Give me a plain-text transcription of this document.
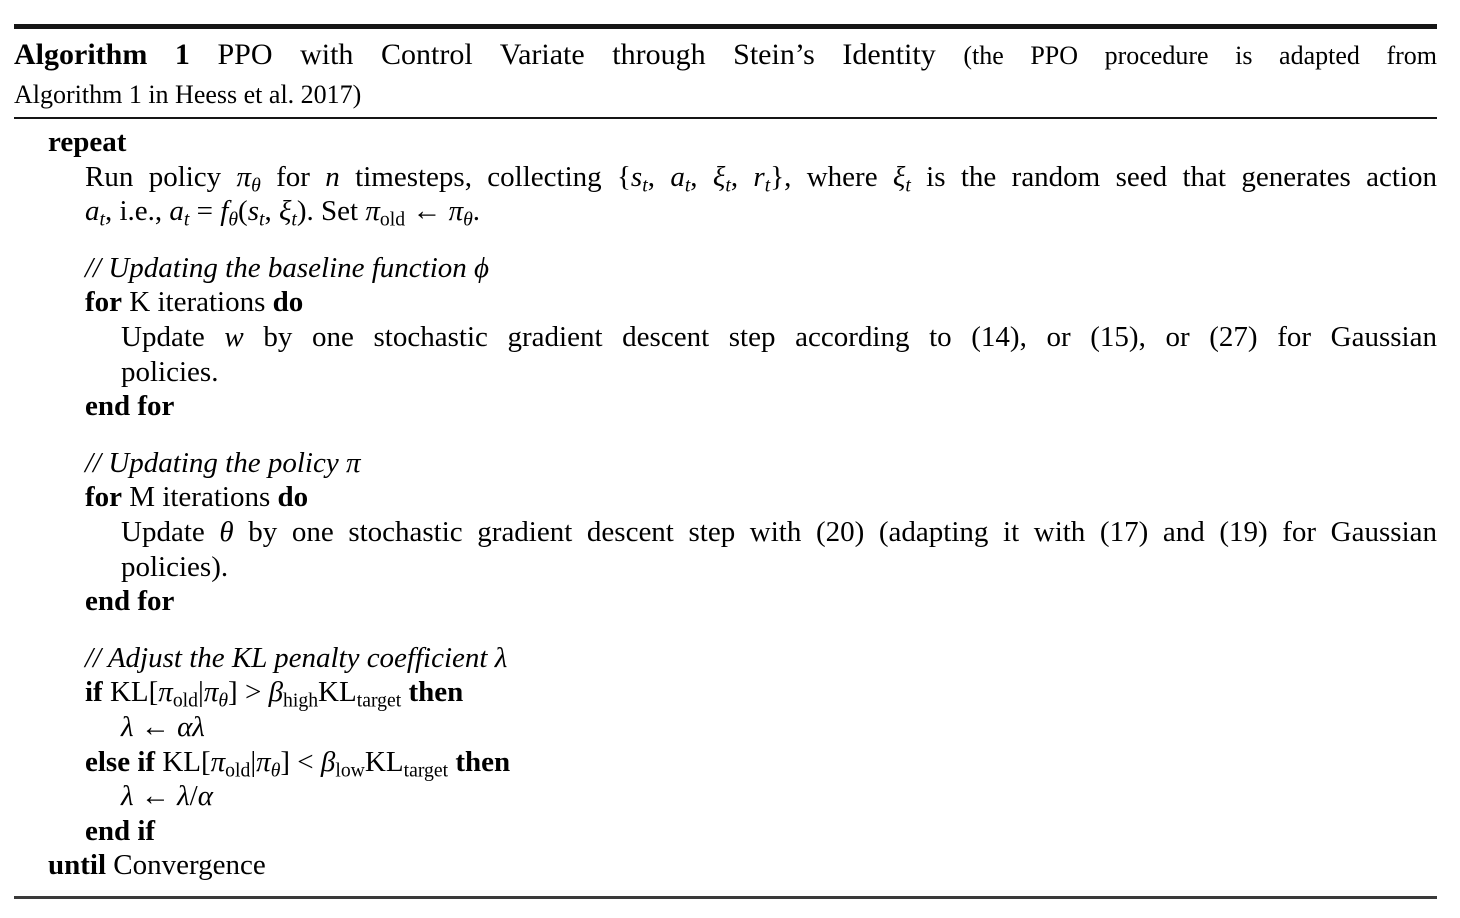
Algorithm 1 PPO with Control Variate through Stein’s Identity (the PPO procedure is adapted from
Algorithm 1 in Heess et al. 2017)
repeat
Run policy πθ for n timesteps, collecting {st, at, ξt, rt}, where ξt is the random seed that generates action
at, i.e., at = fθ(st, ξt). Set πold ← πθ.
// Updating the baseline function ϕ
for K iterations do
Update w by one stochastic gradient descent step according to (14), or (15), or (27) for Gaussian
policies.
end for
// Updating the policy π
for M iterations do
Update θ by one stochastic gradient descent step with (20) (adapting it with (17) and (19) for Gaussian
policies).
end for
// Adjust the KL penalty coefficient λ
if KL[πold|πθ] > βhighKLtarget then
λ ← αλ
else if KL[πold|πθ] < βlowKLtarget then
λ ← λ/α
end if
until Convergence
